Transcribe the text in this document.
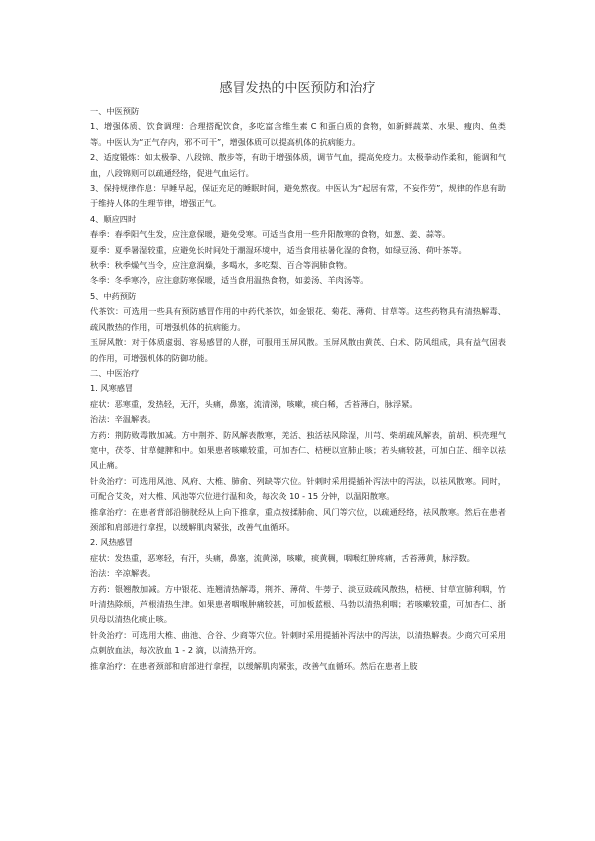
感冒发热的中医预防和治疗

一、中医预防

1、增强体质、饮食调理：合理搭配饮食，多吃富含维生素 C 和蛋白质的食物，如新鲜蔬菜、水果、瘦肉、鱼类等。中医认为“正气存内，邪不可干”，增强体质可以提高机体的抗病能力。

2、适度锻炼：如太极拳、八段锦、散步等，有助于增强体质，调节气血，提高免疫力。太极拳动作柔和，能调和气血，八段锦则可以疏通经络，促进气血运行。

3、保持规律作息：早睡早起，保证充足的睡眠时间，避免熬夜。中医认为“起居有常，不妄作劳”，规律的作息有助于维持人体的生理节律，增强正气。

4、顺应四时

春季：春季阳气生发，应注意保暖，避免受寒。可适当食用一些升阳散寒的食物，如葱、姜、蒜等。

夏季：夏季暑湿较重，应避免长时间处于潮湿环境中，适当食用祛暑化湿的食物，如绿豆汤、荷叶茶等。

秋季：秋季燥气当令，应注意润燥，多喝水，多吃梨、百合等润肺食物。

冬季：冬季寒冷，应注意防寒保暖，适当食用温热食物，如姜汤、羊肉汤等。

5、中药预防

代茶饮：可选用一些具有预防感冒作用的中药代茶饮，如金银花、菊花、薄荷、甘草等。这些药物具有清热解毒、疏风散热的作用，可增强机体的抗病能力。

玉屏风散：对于体质虚弱、容易感冒的人群，可服用玉屏风散。玉屏风散由黄芪、白术、防风组成，具有益气固表的作用，可增强机体的防御功能。

二、中医治疗

1. 风寒感冒

症状：恶寒重，发热轻，无汗，头痛，鼻塞，流清涕，咳嗽，痰白稀，舌苔薄白，脉浮紧。

治法：辛温解表。

方药：荆防败毒散加减。方中荆芥、防风解表散寒，羌活、独活祛风除湿，川芎、柴胡疏风解表，前胡、枳壳理气宽中，茯苓、甘草健脾和中。如果患者咳嗽较重，可加杏仁、桔梗以宣肺止咳；若头痛较甚，可加白芷、细辛以祛风止痛。

针灸治疗：可选用风池、风府、大椎、肺俞、列缺等穴位。针刺时采用提插补泻法中的泻法，以祛风散寒。同时，可配合艾灸，对大椎、风池等穴位进行温和灸，每次灸 10 - 15 分钟，以温阳散寒。

推拿治疗：在患者背部沿膀胱经从上向下推拿，重点按揉肺俞、风门等穴位，以疏通经络，祛风散寒。然后在患者颈部和肩部进行拿捏，以缓解肌肉紧张，改善气血循环。

2. 风热感冒

症状：发热重，恶寒轻，有汗，头痛，鼻塞，流黄涕，咳嗽，痰黄稠，咽喉红肿疼痛，舌苔薄黄，脉浮数。

治法：辛凉解表。

方药：银翘散加减。方中银花、连翘清热解毒，荆芥、薄荷、牛蒡子、淡豆豉疏风散热，桔梗、甘草宣肺利咽，竹叶清热除烦，芦根清热生津。如果患者咽喉肿痛较甚，可加板蓝根、马勃以清热利咽；若咳嗽较重，可加杏仁、浙贝母以清热化痰止咳。

针灸治疗：可选用大椎、曲池、合谷、少商等穴位。针刺时采用提插补泻法中的泻法，以清热解表。少商穴可采用点刺放血法，每次放血 1 - 2 滴，以清热开窍。

推拿治疗：在患者颈部和肩部进行拿捏，以缓解肌肉紧张，改善气血循环。然后在患者上肢
